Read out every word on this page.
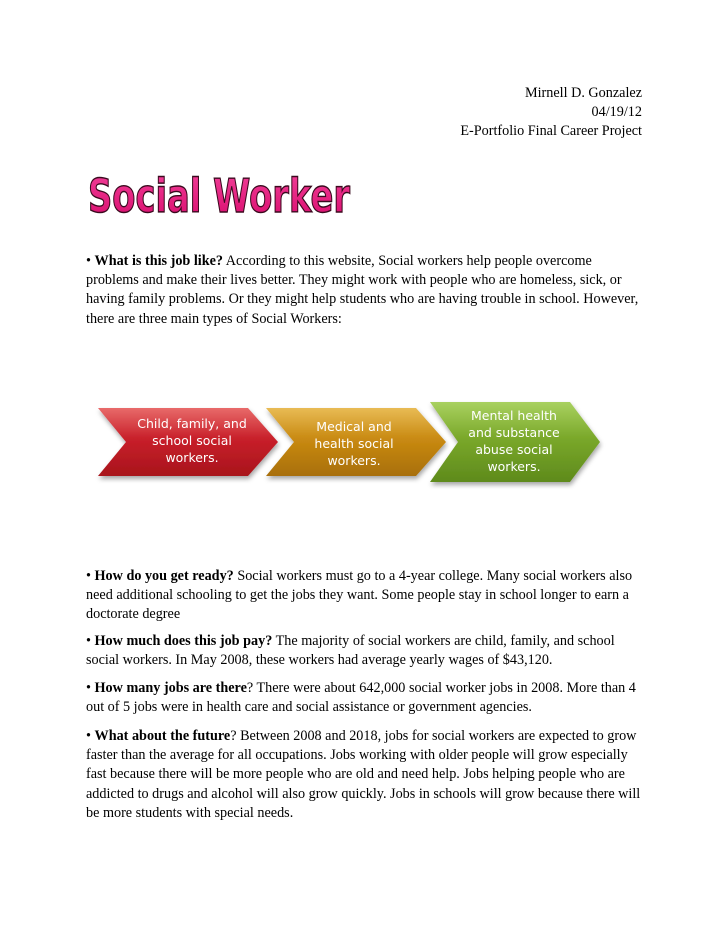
Mirnell D. Gonzalez
04/19/12
E-Portfolio Final Career Project
Social Worker
• What is this job like? According to this website, Social workers help people overcome problems and make their lives better. They might work with people who are homeless, sick, or having family problems. Or they might help students who are having trouble in school. However, there are three main types of Social Workers:
Child, family, and
school social
workers.
Medical and
health social
workers.
Mental health
and substance
abuse social
workers.
• How do you get ready? Social workers must go to a 4-year college. Many social workers also need additional schooling to get the jobs they want. Some people stay in school longer to earn a doctorate degree
• How much does this job pay? The majority of social workers are child, family, and school social workers. In May 2008, these workers had average yearly wages of $43,120.
• How many jobs are there? There were about 642,000 social worker jobs in 2008. More than 4 out of 5 jobs were in health care and social assistance or government agencies.
• What about the future? Between 2008 and 2018, jobs for social workers are expected to grow faster than the average for all occupations. Jobs working with older people will grow especially fast because there will be more people who are old and need help. Jobs helping people who are addicted to drugs and alcohol will also grow quickly. Jobs in schools will grow because there will be more students with special needs.
